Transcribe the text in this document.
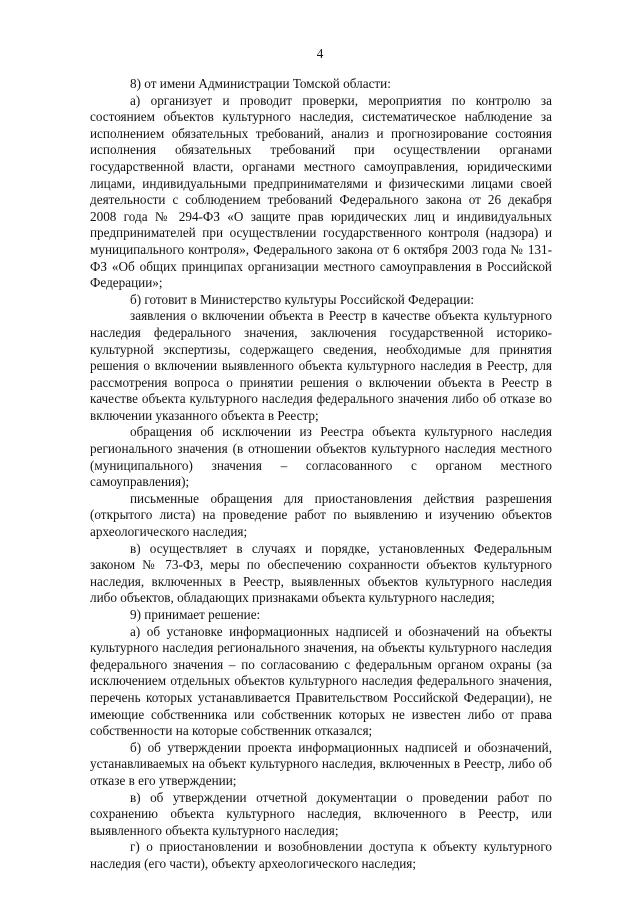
4

8) от имени Администрации Томской области:

а) организует и проводит проверки, мероприятия по контролю за состоянием объектов культурного наследия, систематическое наблюдение за исполнением обязательных требований, анализ и прогнозирование состояния исполнения обязательных требований при осуществлении органами государственной власти, органами местного самоуправления, юридическими лицами, индивидуальными предпринимателями и физическими лицами своей деятельности с соблюдением требований Федерального закона от 26 декабря 2008 года № 294-ФЗ «О защите прав юридических лиц и индивидуальных предпринимателей при осуществлении государственного контроля (надзора) и муниципального контроля», Федерального закона от 6 октября 2003 года № 131-ФЗ «Об общих принципах организации местного самоуправления в Российской Федерации»;

б) готовит в Министерство культуры Российской Федерации:

заявления о включении объекта в Реестр в качестве объекта культурного наследия федерального значения, заключения государственной историко-культурной экспертизы, содержащего сведения, необходимые для принятия решения о включении выявленного объекта культурного наследия в Реестр, для рассмотрения вопроса о принятии решения о включении объекта в Реестр в качестве объекта культурного наследия федерального значения либо об отказе во включении указанного объекта в Реестр;

обращения об исключении из Реестра объекта культурного наследия регионального значения (в отношении объектов культурного наследия местного (муниципального) значения – согласованного с органом местного самоуправления);

письменные обращения для приостановления действия разрешения (открытого листа) на проведение работ по выявлению и изучению объектов археологического наследия;

в) осуществляет в случаях и порядке, установленных Федеральным законом № 73-ФЗ, меры по обеспечению сохранности объектов культурного наследия, включенных в Реестр, выявленных объектов культурного наследия либо объектов, обладающих признаками объекта культурного наследия;

9) принимает решение:

а) об установке информационных надписей и обозначений на объекты культурного наследия регионального значения, на объекты культурного наследия федерального значения – по согласованию с федеральным органом охраны (за исключением отдельных объектов культурного наследия федерального значения, перечень которых устанавливается Правительством Российской Федерации), не имеющие собственника или собственник которых не известен либо от права собственности на которые собственник отказался;

б) об утверждении проекта информационных надписей и обозначений, устанавливаемых на объект культурного наследия, включенных в Реестр, либо об отказе в его утверждении;

в) об утверждении отчетной документации о проведении работ по сохранению объекта культурного наследия, включенного в Реестр, или выявленного объекта культурного наследия;

г) о приостановлении и возобновлении доступа к объекту культурного наследия (его части), объекту археологического наследия;
